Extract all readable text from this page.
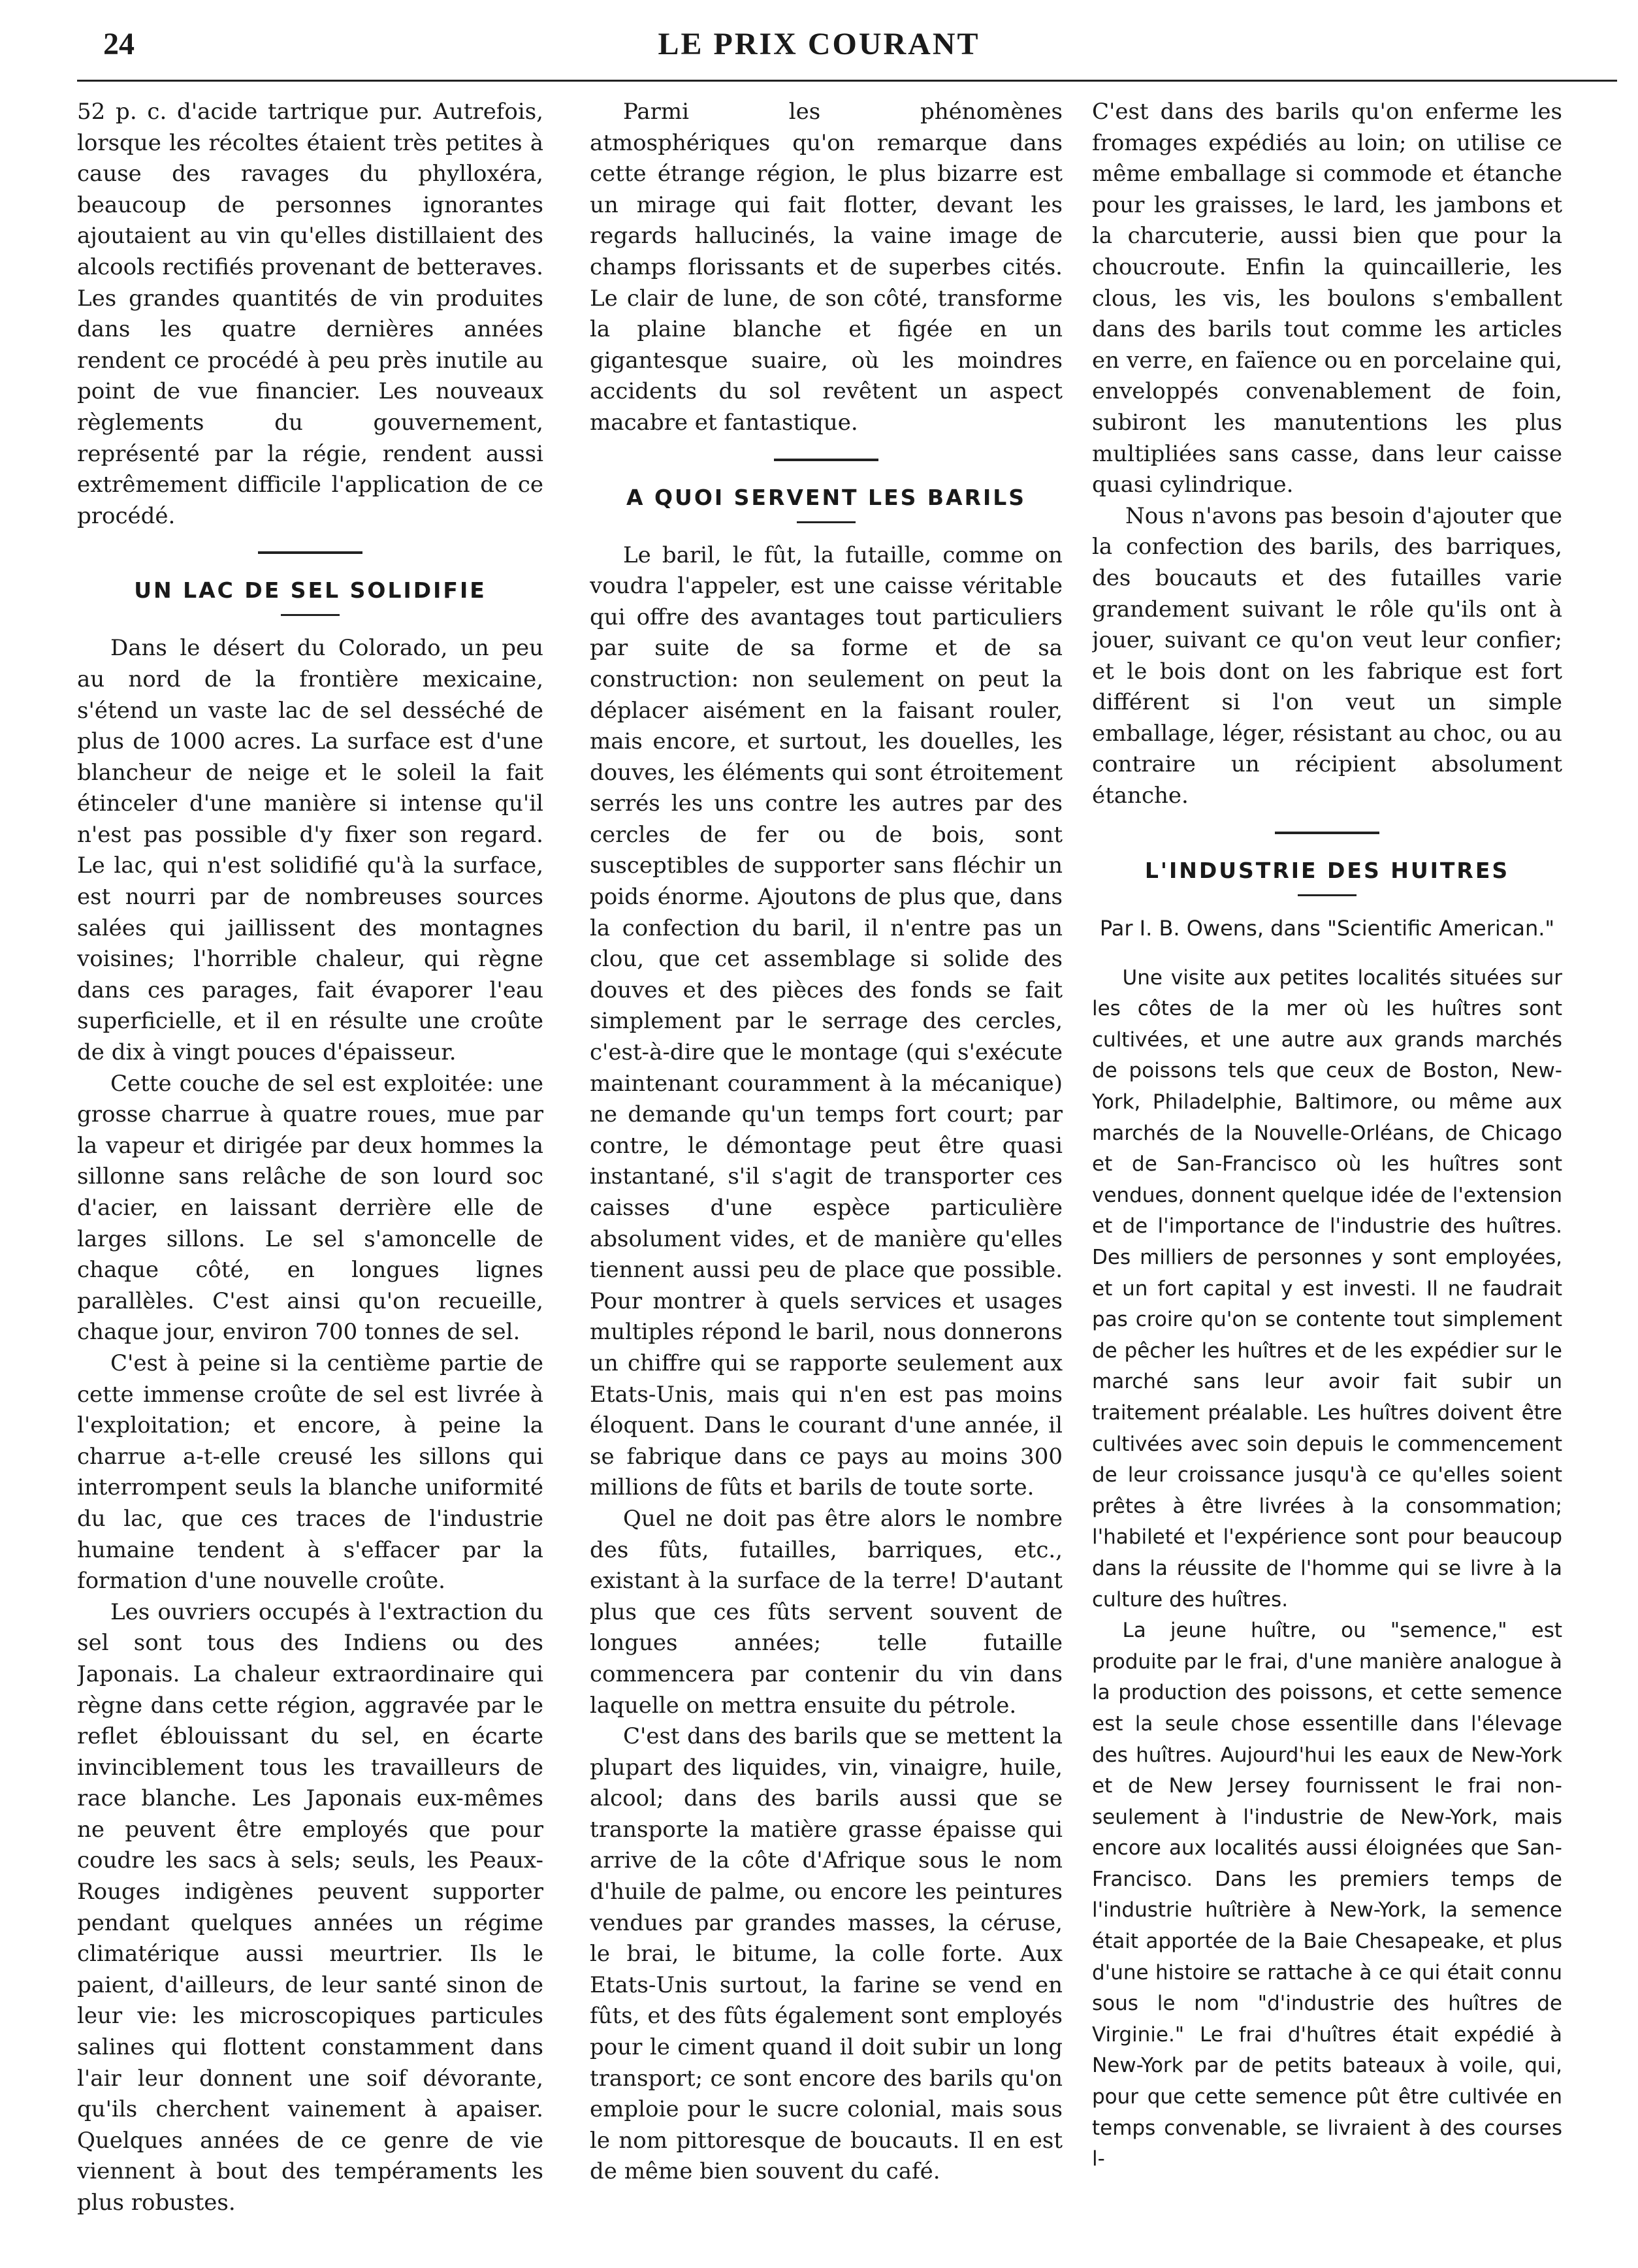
24	LE PRIX COURANT

52 p. c. d'acide tartrique pur. Autrefois, lorsque les récoltes étaient très petites à cause des ravages du phylloxéra, beaucoup de personnes ignorantes ajoutaient au vin qu'elles distillaient des alcools rectifiés provenant de betteraves. Les grandes quantités de vin produites dans les quatre dernières années rendent ce procédé à peu près inutile au point de vue financier. Les nouveaux règlements du gouvernement, représenté par la régie, rendent aussi extrêmement difficile l'application de ce procédé.

UN LAC DE SEL SOLIDIFIE

Dans le désert du Colorado, un peu au nord de la frontière mexicaine, s'étend un vaste lac de sel desséché de plus de 1000 acres. La surface est d'une blancheur de neige et le soleil la fait étinceler d'une manière si intense qu'il n'est pas possible d'y fixer son regard. Le lac, qui n'est solidifié qu'à la surface, est nourri par de nombreuses sources salées qui jaillissent des montagnes voisines; l'horrible chaleur, qui règne dans ces parages, fait évaporer l'eau superficielle, et il en résulte une croûte de dix à vingt pouces d'épaisseur.

Cette couche de sel est exploitée: une grosse charrue à quatre roues, mue par la vapeur et dirigée par deux hommes la sillonne sans relâche de son lourd soc d'acier, en laissant derrière elle de larges sillons. Le sel s'amoncelle de chaque côté, en longues lignes parallèles. C'est ainsi qu'on recueille, chaque jour, environ 700 tonnes de sel.

C'est à peine si la centième partie de cette immense croûte de sel est livrée à l'exploitation; et encore, à peine la charrue a-t-elle creusé les sillons qui interrompent seuls la blanche uniformité du lac, que ces traces de l'industrie humaine tendent à s'effacer par la formation d'une nouvelle croûte.

Les ouvriers occupés à l'extraction du sel sont tous des Indiens ou des Japonais. La chaleur extraordinaire qui règne dans cette région, aggravée par le reflet éblouissant du sel, en écarte invinciblement tous les travailleurs de race blanche. Les Japonais eux-mêmes ne peuvent être employés que pour coudre les sacs à sels; seuls, les Peaux-Rouges indigènes peuvent supporter pendant quelques années un régime climatérique aussi meurtrier. Ils le paient, d'ailleurs, de leur santé sinon de leur vie: les microscopiques particules salines qui flottent constamment dans l'air leur donnent une soif dévorante, qu'ils cherchent vainement à apaiser. Quelques années de ce genre de vie viennent à bout des tempéraments les plus robustes.

Parmi les phénomènes atmosphériques qu'on remarque dans cette étrange région, le plus bizarre est un mirage qui fait flotter, devant les regards hallucinés, la vaine image de champs florissants et de superbes cités. Le clair de lune, de son côté, transforme la plaine blanche et figée en un gigantesque suaire, où les moindres accidents du sol revêtent un aspect macabre et fantastique.

A QUOI SERVENT LES BARILS

Le baril, le fût, la futaille, comme on voudra l'appeler, est une caisse véritable qui offre des avantages tout particuliers par suite de sa forme et de sa construction: non seulement on peut la déplacer aisément en la faisant rouler, mais encore, et surtout, les douelles, les douves, les éléments qui sont étroitement serrés les uns contre les autres par des cercles de fer ou de bois, sont susceptibles de supporter sans fléchir un poids énorme. Ajoutons de plus que, dans la confection du baril, il n'entre pas un clou, que cet assemblage si solide des douves et des pièces des fonds se fait simplement par le serrage des cercles, c'est-à-dire que le montage (qui s'exécute maintenant couramment à la mécanique) ne demande qu'un temps fort court; par contre, le démontage peut être quasi instantané, s'il s'agit de transporter ces caisses d'une espèce particulière absolument vides, et de manière qu'elles tiennent aussi peu de place que possible. Pour montrer à quels services et usages multiples répond le baril, nous donnerons un chiffre qui se rapporte seulement aux Etats-Unis, mais qui n'en est pas moins éloquent. Dans le courant d'une année, il se fabrique dans ce pays au moins 300 millions de fûts et barils de toute sorte.

Quel ne doit pas être alors le nombre des fûts, futailles, barriques, etc., existant à la surface de la terre! D'autant plus que ces fûts servent souvent de longues années; telle futaille commencera par contenir du vin dans laquelle on mettra ensuite du pétrole.

C'est dans des barils que se mettent la plupart des liquides, vin, vinaigre, huile, alcool; dans des barils aussi que se transporte la matière grasse épaisse qui arrive de la côte d'Afrique sous le nom d'huile de palme, ou encore les peintures vendues par grandes masses, la céruse, le brai, le bitume, la colle forte. Aux Etats-Unis surtout, la farine se vend en fûts, et des fûts également sont employés pour le ciment quand il doit subir un long transport; ce sont encore des barils qu'on emploie pour le sucre colonial, mais sous le nom pittoresque de boucauts. Il en est de même bien souvent du café.

C'est dans des barils qu'on enferme les fromages expédiés au loin; on utilise ce même emballage si commode et étanche pour les graisses, le lard, les jambons et la charcuterie, aussi bien que pour la choucroute. Enfin la quincaillerie, les clous, les vis, les boulons s'emballent dans des barils tout comme les articles en verre, en faïence ou en porcelaine qui, enveloppés convenablement de foin, subiront les manutentions les plus multipliées sans casse, dans leur caisse quasi cylindrique.

Nous n'avons pas besoin d'ajouter que la confection des barils, des barriques, des boucauts et des futailles varie grandement suivant le rôle qu'ils ont à jouer, suivant ce qu'on veut leur confier; et le bois dont on les fabrique est fort différent si l'on veut un simple emballage, léger, résistant au choc, ou au contraire un récipient absolument étanche.

L'INDUSTRIE DES HUITRES
Par I. B. Owens, dans "Scientific American."

Une visite aux petites localités situées sur les côtes de la mer où les huîtres sont cultivées, et une autre aux grands marchés de poissons tels que ceux de Boston, New-York, Philadelphie, Baltimore, ou même aux marchés de la Nouvelle-Orléans, de Chicago et de San-Francisco où les huîtres sont vendues, donnent quelque idée de l'extension et de l'importance de l'industrie des huîtres. Des milliers de personnes y sont employées, et un fort capital y est investi. Il ne faudrait pas croire qu'on se contente tout simplement de pêcher les huîtres et de les expédier sur le marché sans leur avoir fait subir un traitement préalable. Les huîtres doivent être cultivées avec soin depuis le commencement de leur croissance jusqu'à ce qu'elles soient prêtes à être livrées à la consommation; l'habileté et l'expérience sont pour beaucoup dans la réussite de l'homme qui se livre à la culture des huîtres.

La jeune huître, ou "semence," est produite par le frai, d'une manière analogue à la production des poissons, et cette semence est la seule chose essentille dans l'élevage des huîtres. Aujourd'hui les eaux de New-York et de New Jersey fournissent le frai non-seulement à l'industrie de New-York, mais encore aux localités aussi éloignées que San-Francisco. Dans les premiers temps de l'industrie huîtrière à New-York, la semence était apportée de la Baie Chesapeake, et plus d'une histoire se rattache à ce qui était connu sous le nom "d'industrie des huîtres de Virginie." Le frai d'huîtres était expédié à New-York par de petits bateaux à voile, qui, pour que cette semence pût être cultivée en temps convenable, se livraient à des courses l-
